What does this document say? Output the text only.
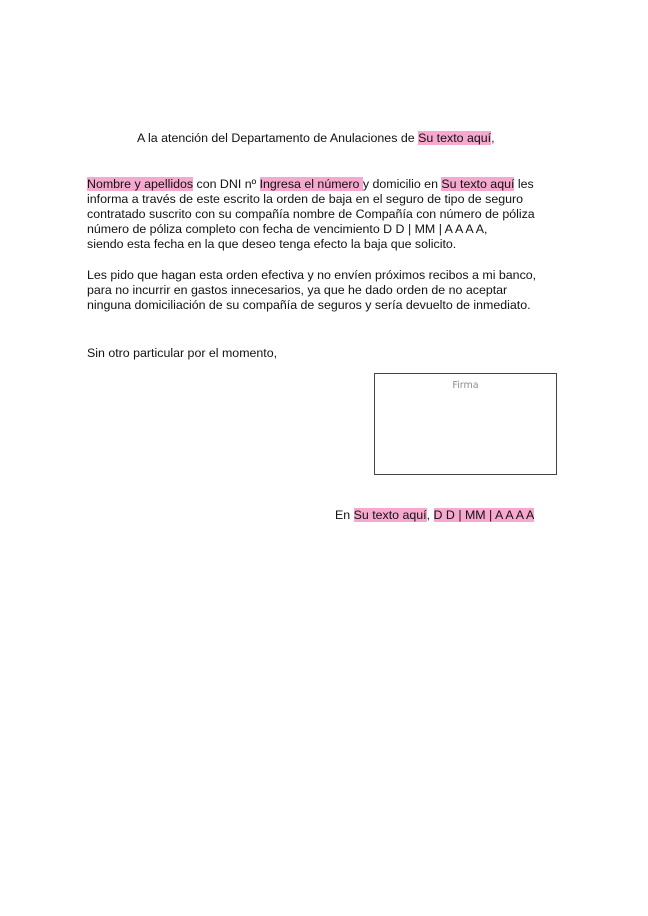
A la atención del Departamento de Anulaciones de Su texto aquí,
Nombre y apellidos con DNI nº Ingresa el número y domicilio en Su texto aquí les
informa a través de este escrito la orden de baja en el seguro de tipo de seguro
contratado suscrito con su compañía nombre de Compañía con número de póliza
número de póliza completo con fecha de vencimiento D D | MM | A A A A,
siendo esta fecha en la que deseo tenga efecto la baja que solicito.
Les pido que hagan esta orden efectiva y no envíen próximos recibos a mi banco,
para no incurrir en gastos innecesarios, ya que he dado orden de no aceptar
ninguna domiciliación de su compañía de seguros y sería devuelto de inmediato.
Sin otro particular por el momento,
Firma
En Su texto aquí, D D | MM | A A A A
